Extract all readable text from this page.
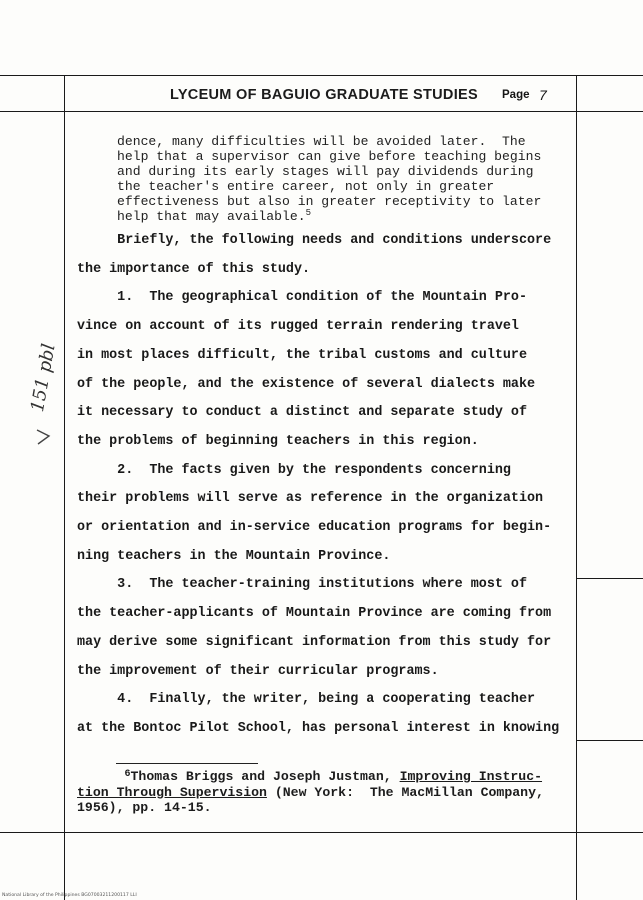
LYCEUM OF BAGUIO GRADUATE STUDIES Page 7
dence, many difficulties will be avoided later.  The
help that a supervisor can give before teaching begins
and during its early stages will pay dividends during
the teacher's entire career, not only in greater
effectiveness but also in greater receptivity to later
help that may available.$^5$
Briefly, the following needs and conditions underscore
the importance of this study.
1.  The geographical condition of the Mountain Pro-
vince on account of its rugged terrain rendering travel
in most places difficult, the tribal customs and culture
of the people, and the existence of several dialects make
it necessary to conduct a distinct and separate study of
the problems of beginning teachers in this region.
2.  The facts given by the respondents concerning
their problems will serve as reference in the organization
or orientation and in-service education programs for begin-
ning teachers in the Mountain Province.
3.  The teacher-training institutions where most of
the teacher-applicants of Mountain Province are coming from
may derive some significant information from this study for
the improvement of their curricular programs.
4.  Finally, the writer, being a cooperating teacher
at the Bontoc Pilot School, has personal interest in knowing
$^6$Thomas Briggs and Joseph Justman, Improving Instruc-
tion Through Supervision (New York:  The MacMillan Company,
1956), pp. 14-15.
151 pbl
National Library of the Philippines BG07003211200117 LLI
